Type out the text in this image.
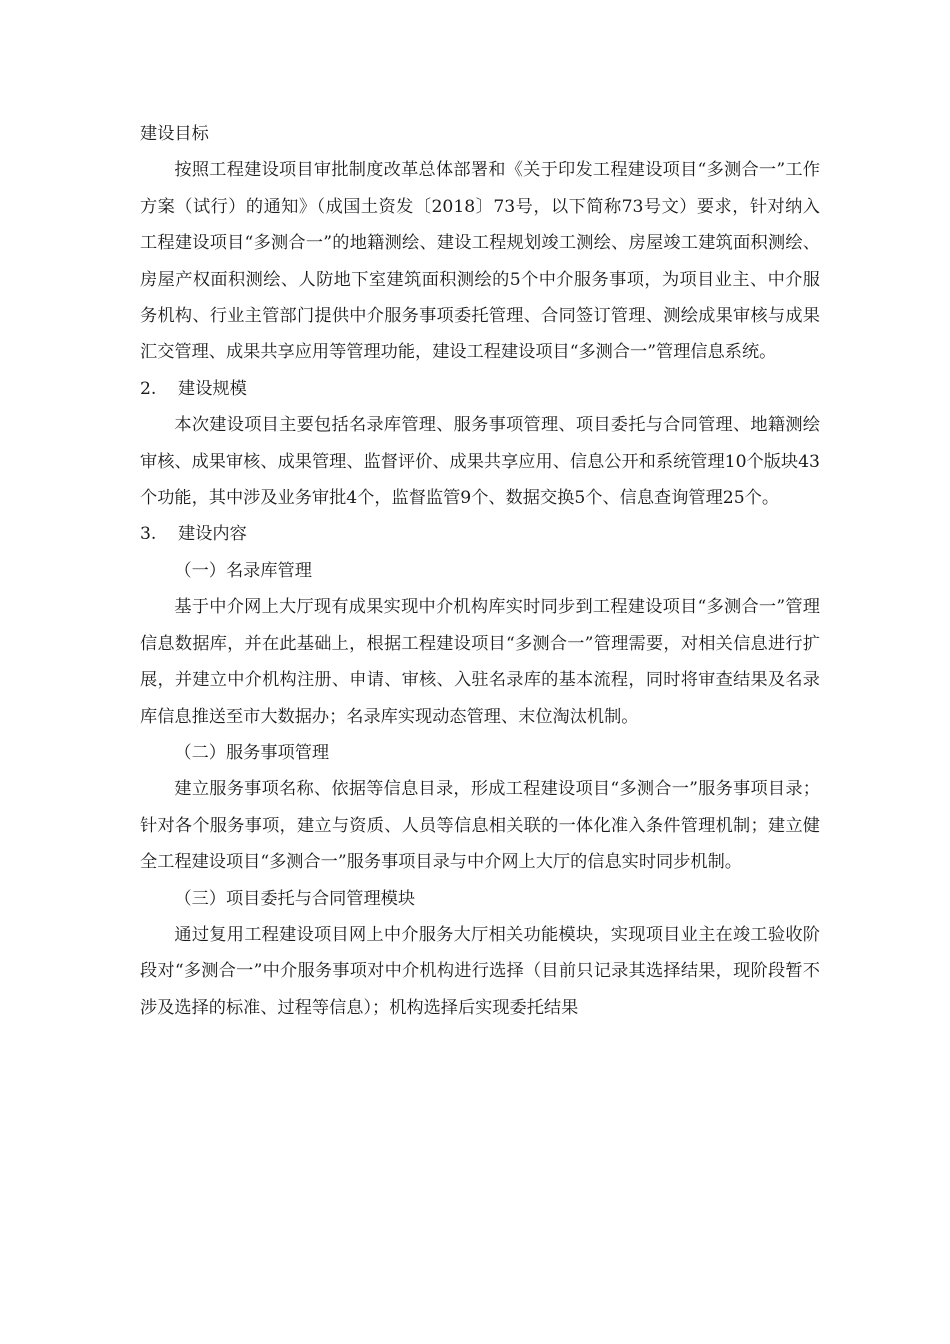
建设目标

按照工程建设项目审批制度改革总体部署和《关于印发工程建设项目“多测合一”工作方案（试行）的通知》（成国土资发〔2018〕73号，以下简称73号文）要求，针对纳入工程建设项目“多测合一”的地籍测绘、建设工程规划竣工测绘、房屋竣工建筑面积测绘、房屋产权面积测绘、人防地下室建筑面积测绘的5个中介服务事项，为项目业主、中介服务机构、行业主管部门提供中介服务事项委托管理、合同签订管理、测绘成果审核与成果汇交管理、成果共享应用等管理功能，建设工程建设项目“多测合一”管理信息系统。

2. 建设规模

本次建设项目主要包括名录库管理、服务事项管理、项目委托与合同管理、地籍测绘审核、成果审核、成果管理、监督评价、成果共享应用、信息公开和系统管理10个版块43个功能，其中涉及业务审批4个，监督监管9个、数据交换5个、信息查询管理25个。

3. 建设内容

（一）名录库管理

基于中介网上大厅现有成果实现中介机构库实时同步到工程建设项目“多测合一”管理信息数据库，并在此基础上，根据工程建设项目“多测合一”管理需要，对相关信息进行扩展，并建立中介机构注册、申请、审核、入驻名录库的基本流程，同时将审查结果及名录库信息推送至市大数据办；名录库实现动态管理、末位淘汰机制。

（二）服务事项管理

建立服务事项名称、依据等信息目录，形成工程建设项目“多测合一”服务事项目录；针对各个服务事项，建立与资质、人员等信息相关联的一体化准入条件管理机制；建立健全工程建设项目“多测合一”服务事项目录与中介网上大厅的信息实时同步机制。

（三）项目委托与合同管理模块

通过复用工程建设项目网上中介服务大厅相关功能模块，实现项目业主在竣工验收阶段对“多测合一”中介服务事项对中介机构进行选择（目前只记录其选择结果，现阶段暂不涉及选择的标准、过程等信息）；机构选择后实现委托结果
